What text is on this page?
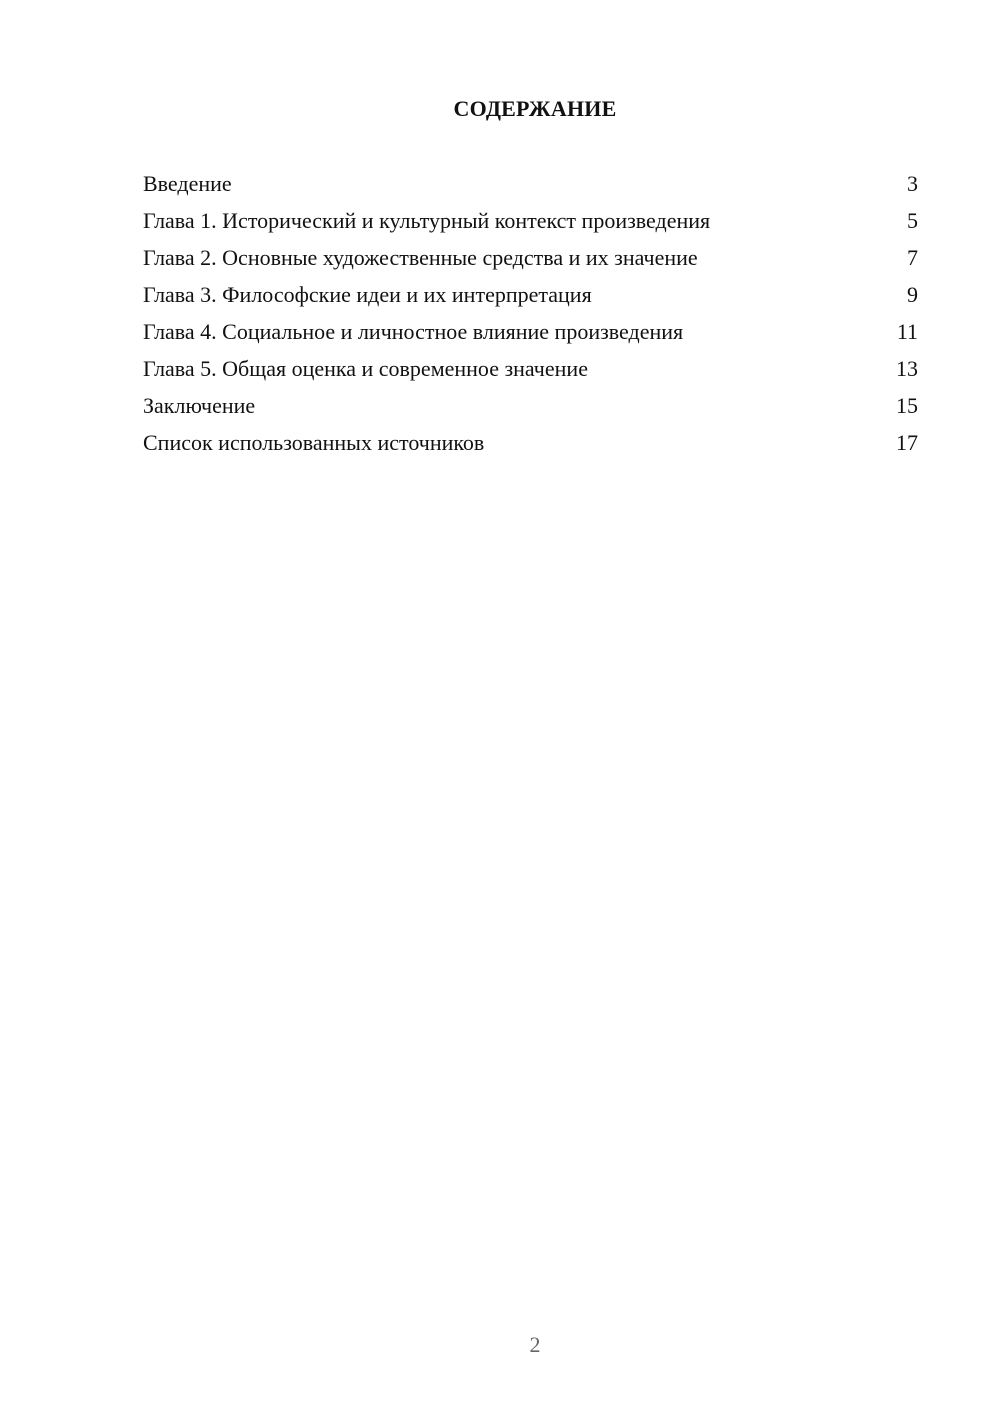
СОДЕРЖАНИЕ
Введение	3
Глава 1. Исторический и культурный контекст произведения	5
Глава 2. Основные художественные средства и их значение	7
Глава 3. Философские идеи и их интерпретация	9
Глава 4. Социальное и личностное влияние произведения	11
Глава 5. Общая оценка и современное значение	13
Заключение	15
Список использованных источников	17
2
